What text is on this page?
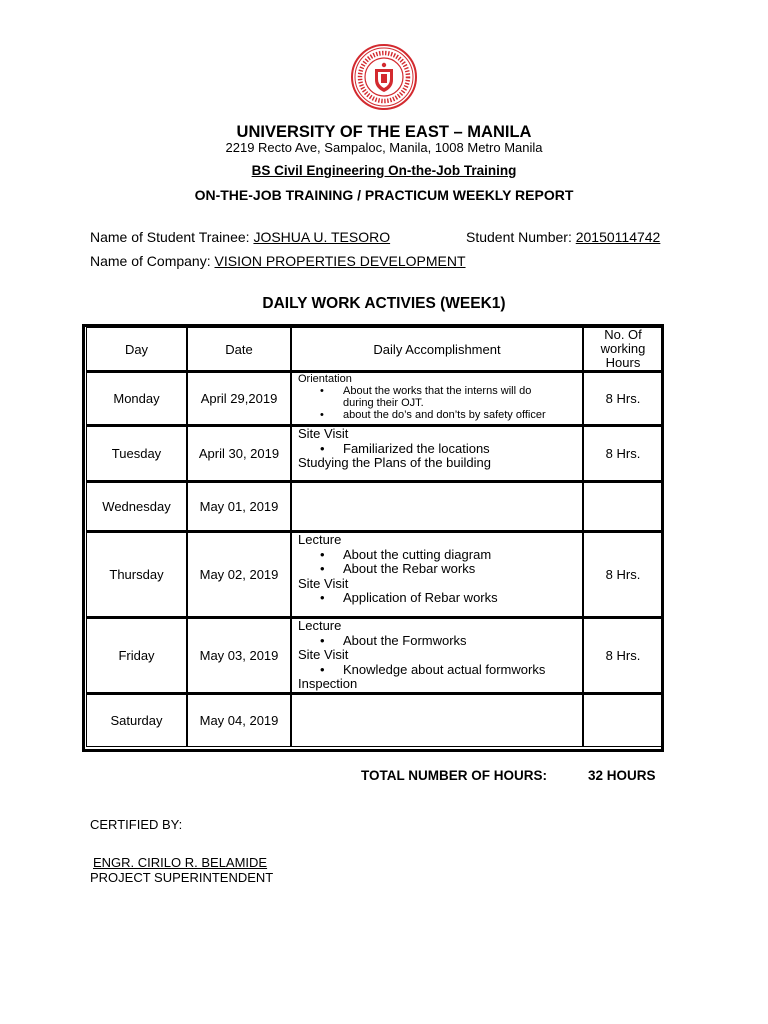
UNIVERSITY OF THE EAST – MANILA
2219 Recto Ave, Sampaloc, Manila, 1008 Metro Manila
BS Civil Engineering On-the-Job Training
ON-THE-JOB TRAINING / PRACTICUM WEEKLY REPORT
Name of Student Trainee: JOSHUA U. TESORO	Student Number: 20150114742
Name of Company: VISION PROPERTIES DEVELOPMENT
DAILY WORK ACTIVIES (WEEK1)
Day	Date	Daily Accomplishment	No. Of working Hours
Monday	April 29,2019	Orientation
• About the works that the interns will do
during their OJT.
• about the do’s and don’ts by safety officer	8 Hrs.
Tuesday	April 30, 2019	Site Visit
• Familiarized the locations
Studying the Plans of the building	8 Hrs.
Wednesday	May 01, 2019		
Thursday	May 02, 2019	Lecture
• About the cutting diagram
• About the Rebar works
Site Visit
• Application of Rebar works	8 Hrs.
Friday	May 03, 2019	Lecture
• About the Formworks
Site Visit
• Knowledge about actual formworks
Inspection	8 Hrs.
Saturday	May 04, 2019		
TOTAL NUMBER OF HOURS:	32 HOURS
CERTIFIED BY:
ENGR. CIRILO R. BELAMIDE
PROJECT SUPERINTENDENT
